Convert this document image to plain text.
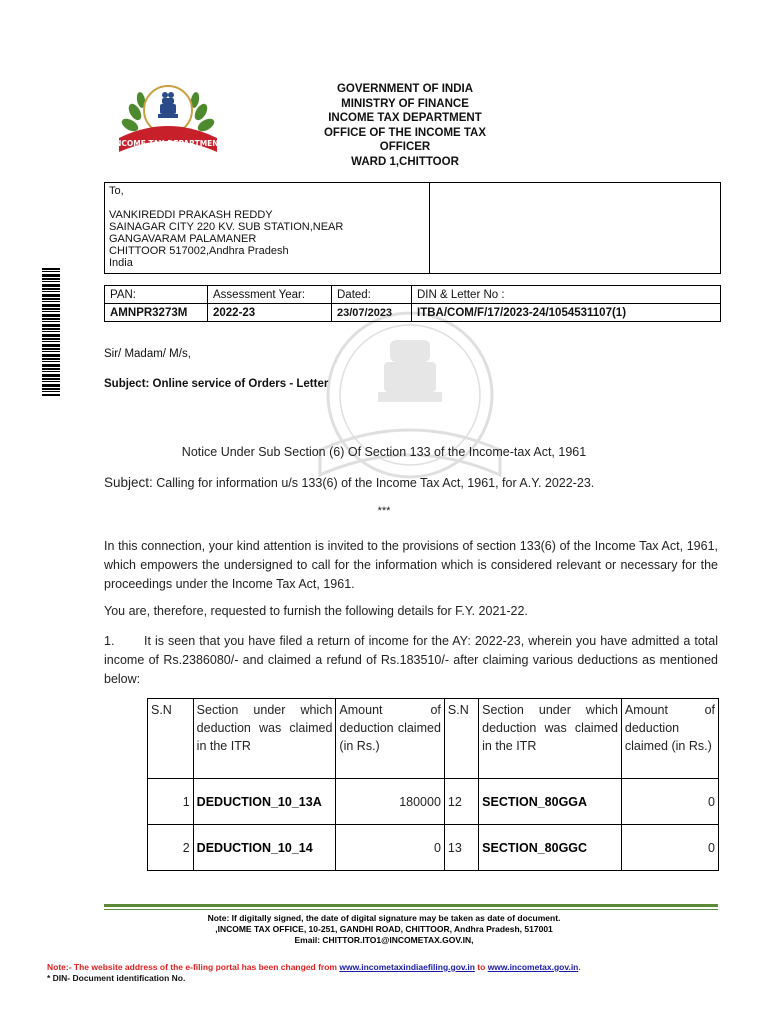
INCOME TAX DEPARTMENT
GOVERNMENT OF INDIA
MINISTRY OF FINANCE
INCOME TAX DEPARTMENT
OFFICE OF THE INCOME TAX
OFFICER
WARD 1,CHITTOOR
To,
VANKIREDDI PRAKASH REDDY
SAINAGAR CITY 220 KV. SUB STATION,NEAR
GANGAVARAM PALAMANER
CHITTOOR 517002,Andhra Pradesh
India

PAN:	Assessment Year:	Dated:	DIN & Letter No :
AMNPR3273M	2022-23	23/07/2023	ITBA/COM/F/17/2023-24/1054531107(1)
Sir/ Madam/ M/s,
Subject: Online service of Orders - Letter
Notice Under Sub Section (6) Of Section 133 of the Income-tax Act, 1961
Subject: Calling for information u/s 133(6) of the Income Tax Act, 1961, for A.Y. 2022-23.
***
In this connection, your kind attention is invited to the provisions of section 133(6) of the Income Tax Act, 1961, which empowers the undersigned to call for the information which is considered relevant or necessary for the proceedings under the Income Tax Act, 1961.
You are, therefore, requested to furnish the following details for F.Y. 2021-22.
1.	It is seen that you have filed a return of income for the AY: 2022-23, wherein you have admitted a total income of Rs.2386080/- and claimed a refund of Rs.183510/- after claiming various deductions as mentioned below:
S.N	Section under which deduction was claimed in the ITR	Amount of deduction claimed (in Rs.)	S.N	Section under which deduction was claimed in the ITR	Amount of deduction claimed (in Rs.)
1	DEDUCTION_10_13A	180000	12	SECTION_80GGA	0
2	DEDUCTION_10_14	0	13	SECTION_80GGC	0
Note: If digitally signed, the date of digital signature may be taken as date of document.
,INCOME TAX OFFICE, 10-251, GANDHI ROAD, CHITTOOR, Andhra Pradesh, 517001
Email: CHITTOR.ITO1@INCOMETAX.GOV.IN,
Note:- The website address of the e-filing portal has been changed from www.incometaxindiaefiling.gov.in to www.incometax.gov.in.
* DIN- Document identification No.
